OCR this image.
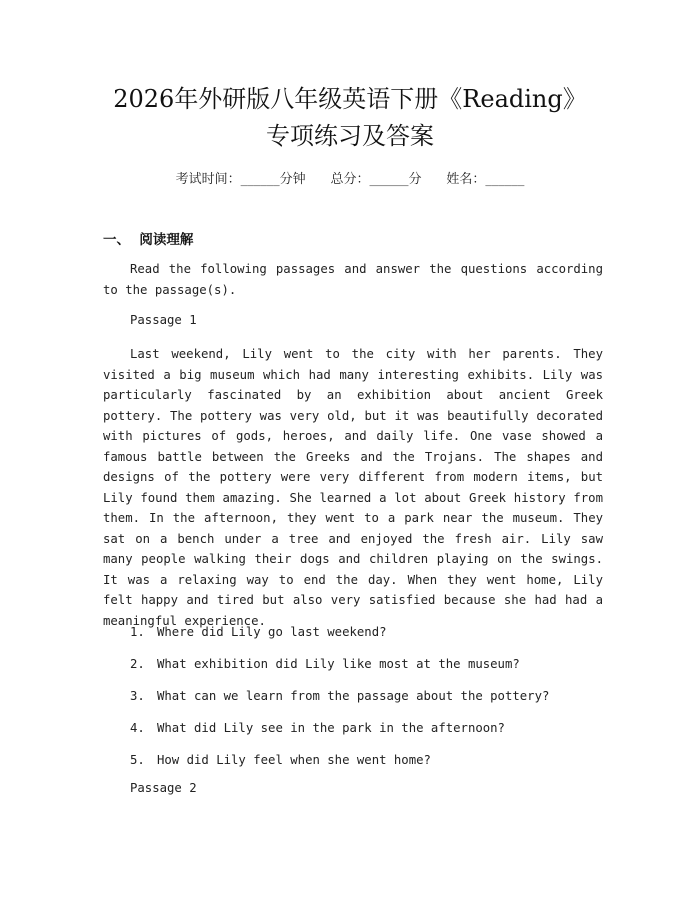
2026年外研版八年级英语下册《Reading》
专项练习及答案
考试时间：______分钟 总分：______分 姓名：______
一、 阅读理解

Read the following passages and answer the questions according to the passage(s).

Passage 1

Last weekend, Lily went to the city with her parents. They visited a big museum which had many interesting exhibits. Lily was particularly fascinated by an exhibition about ancient Greek pottery. The pottery was very old, but it was beautifully decorated with pictures of gods, heroes, and daily life. One vase showed a famous battle between the Greeks and the Trojans. The shapes and designs of the pottery were very different from modern items, but Lily found them amazing. She learned a lot about Greek history from them. In the afternoon, they went to a park near the museum. They sat on a bench under a tree and enjoyed the fresh air. Lily saw many people walking their dogs and children playing on the swings. It was a relaxing way to end the day. When they went home, Lily felt happy and tired but also very satisfied because she had had a meaningful experience.

1. Where did Lily go last weekend?
2. What exhibition did Lily like most at the museum?
3. What can we learn from the passage about the pottery?
4. What did Lily see in the park in the afternoon?
5. How did Lily feel when she went home?
Passage 2
